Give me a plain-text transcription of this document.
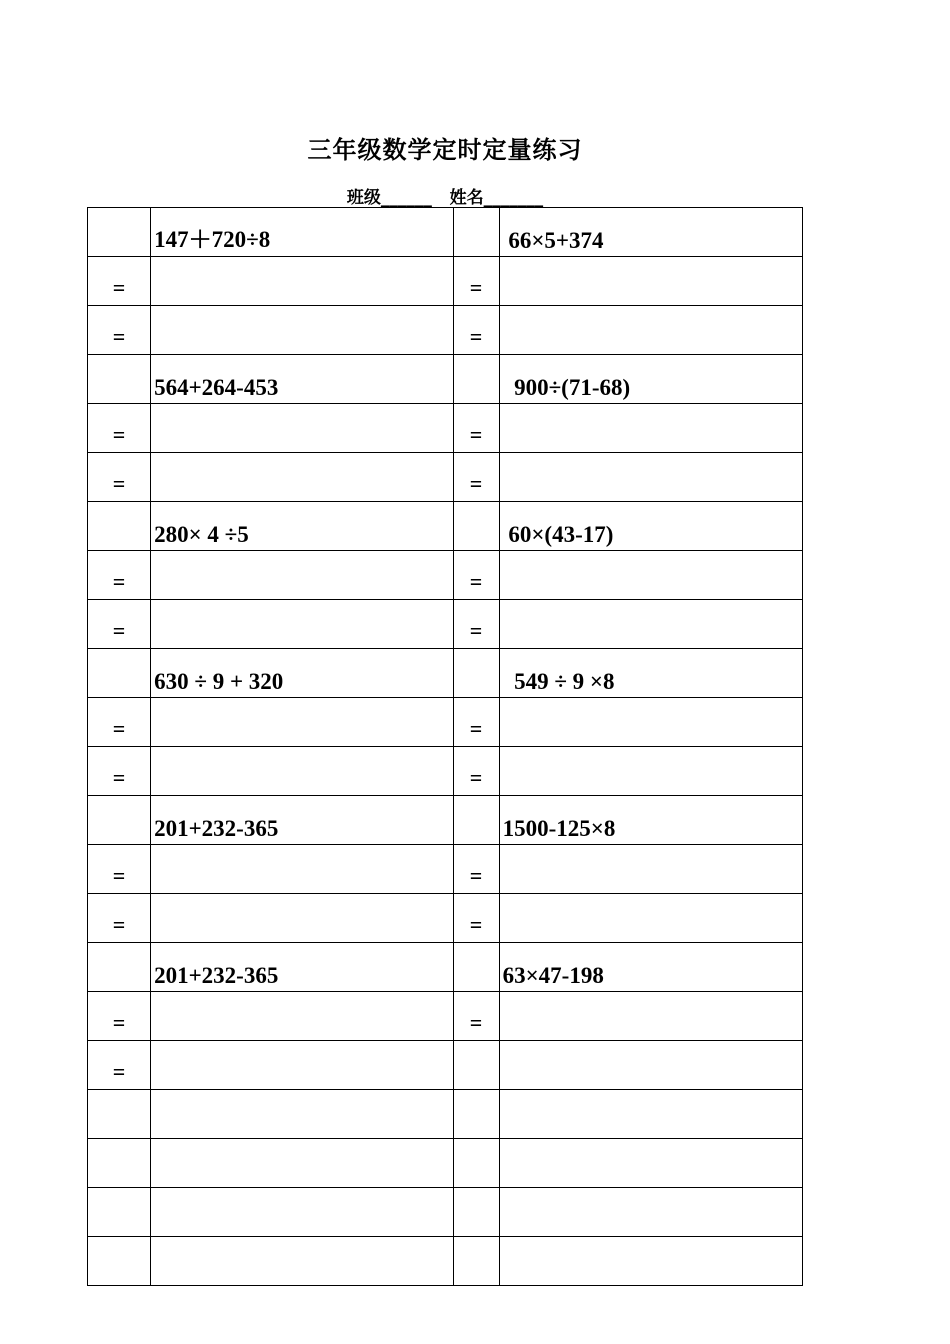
三年级数学定时定量练习
班级______ 姓名_______
	147＋720÷8		66×5+374
=		=	
=		=	
	564+264-453		900÷(71-68)
=		=	
=		=	
	280× 4 ÷5		60×(43-17)
=		=	
=		=	
	630 ÷ 9 + 320		549 ÷ 9 ×8
=		=	
=		=	
	201+232-365		1500-125×8
=		=	
=		=	
	201+232-365		63×47-198
=		=	
=			
